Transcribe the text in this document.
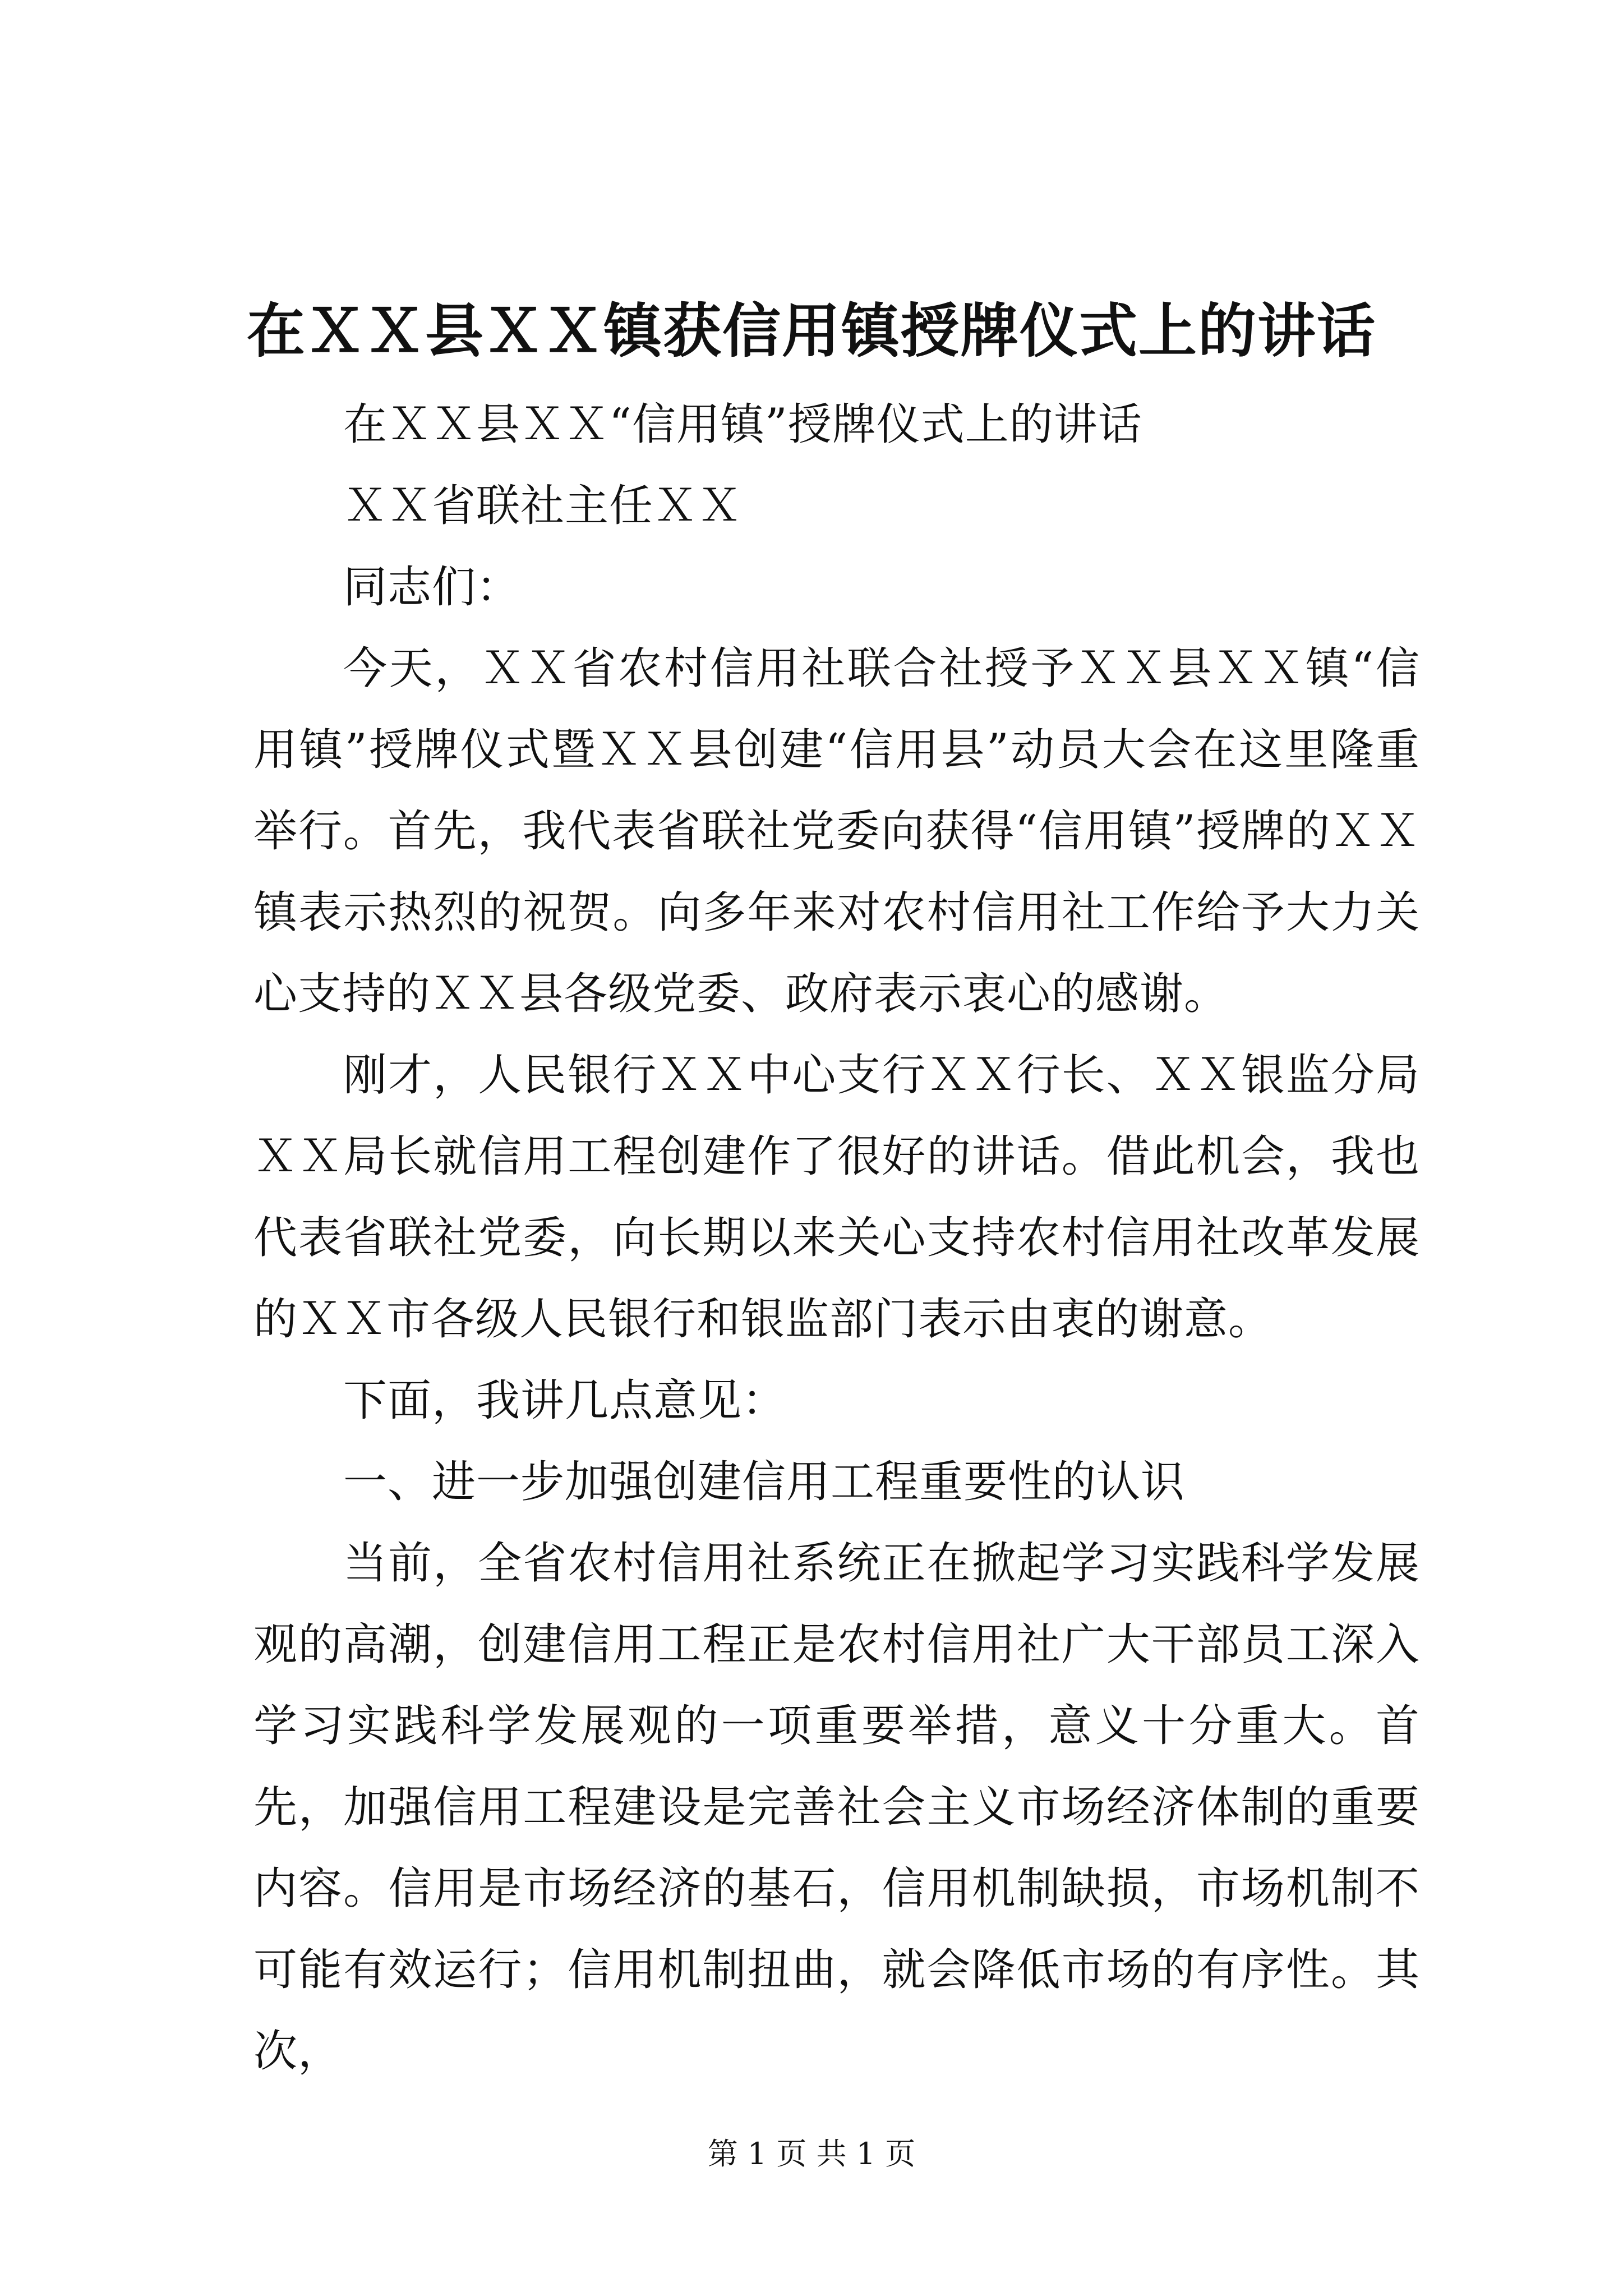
在ＸＸ县ＸＸ镇获信用镇授牌仪式上的讲话

在ＸＸ县ＸＸ“信用镇”授牌仪式上的讲话

ＸＸ省联社主任ＸＸ

同志们：

今天，ＸＸ省农村信用社联合社授予ＸＸ县ＸＸ镇“信用镇”授牌仪式暨ＸＸ县创建“信用县”动员大会在这里隆重举行。首先，我代表省联社党委向获得“信用镇”授牌的ＸＸ镇表示热烈的祝贺。向多年来对农村信用社工作给予大力关心支持的ＸＸ县各级党委、政府表示衷心的感谢。

刚才，人民银行ＸＸ中心支行ＸＸ行长、ＸＸ银监分局ＸＸ局长就信用工程创建作了很好的讲话。借此机会，我也代表省联社党委，向长期以来关心支持农村信用社改革发展的ＸＸ市各级人民银行和银监部门表示由衷的谢意。

下面，我讲几点意见：

一、进一步加强创建信用工程重要性的认识

当前，全省农村信用社系统正在掀起学习实践科学发展观的高潮，创建信用工程正是农村信用社广大干部员工深入学习实践科学发展观的一项重要举措，意义十分重大。首先，加强信用工程建设是完善社会主义市场经济体制的重要内容。信用是市场经济的基石，信用机制缺损，市场机制不可能有效运行；信用机制扭曲，就会降低市场的有序性。其次，

第 1 页 共 1 页
